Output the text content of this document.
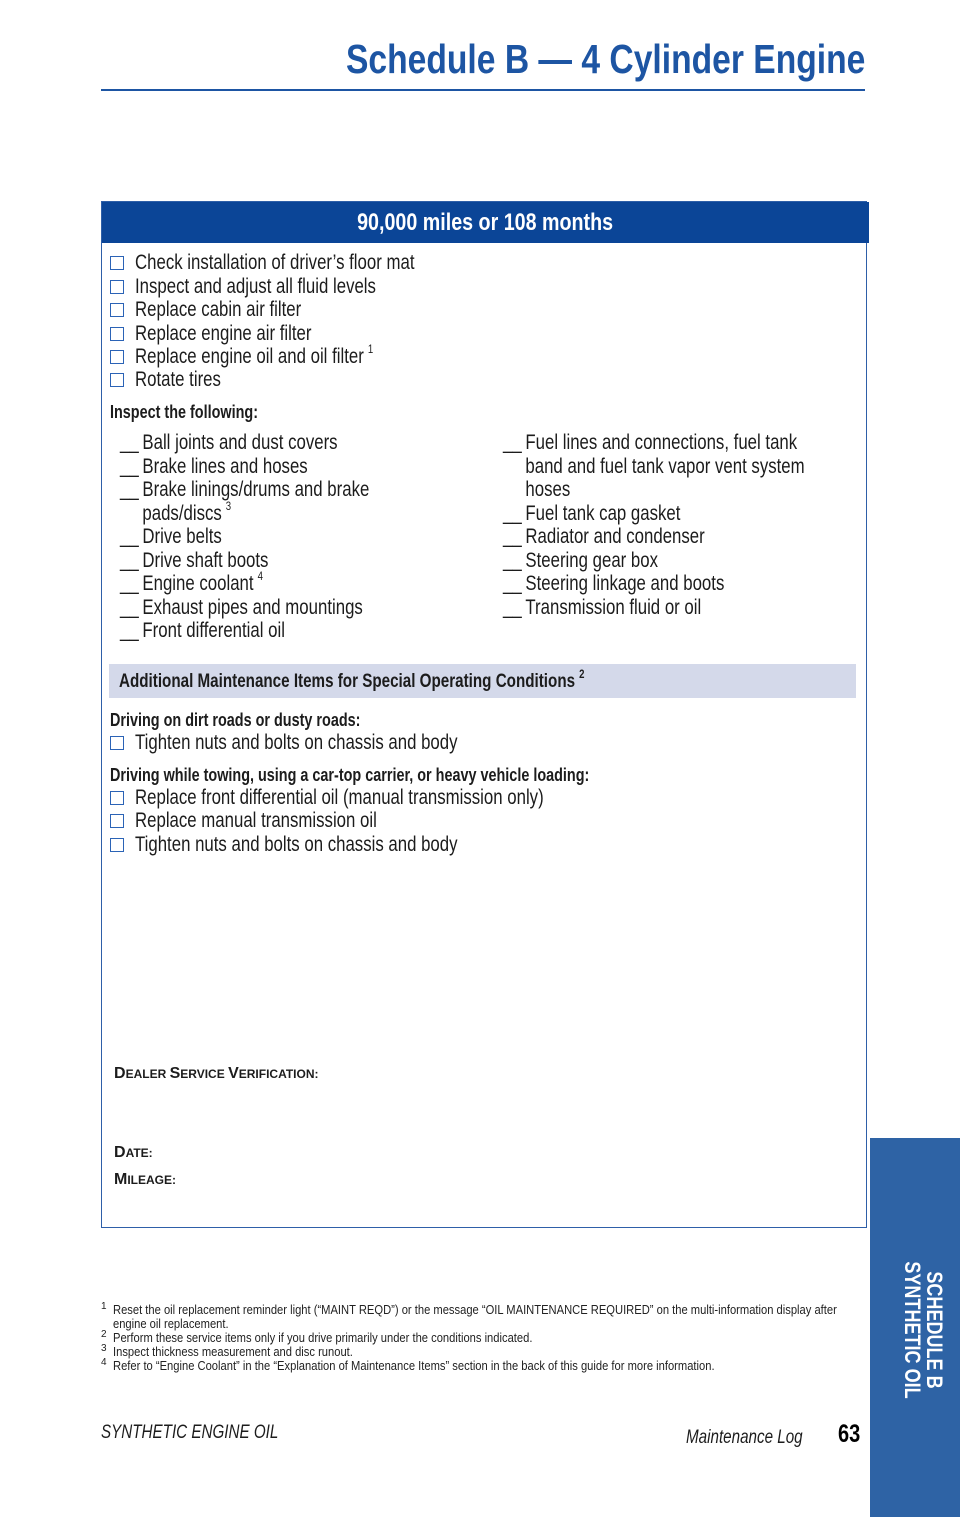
Schedule B — 4 Cylinder Engine
90,000 miles or 108 months
Check installation of driver’s floor mat
Inspect and adjust all fluid levels
Replace cabin air filter
Replace engine air filter
Replace engine oil and oil filter $^1$
Rotate tires
Inspect the following:
__ Ball joints and dust covers
__ Brake lines and hoses
__ Brake linings/drums and brake
pads/discs $^3$
__ Drive belts
__ Drive shaft boots
__ Engine coolant $^4$
__ Exhaust pipes and mountings
__ Front differential oil
__ Fuel lines and connections, fuel tank
band and fuel tank vapor vent system
hoses
__ Fuel tank cap gasket
__ Radiator and condenser
__ Steering gear box
__ Steering linkage and boots
__ Transmission fluid or oil
Additional Maintenance Items for Special Operating Conditions $^2$
Driving on dirt roads or dusty roads:
Tighten nuts and bolts on chassis and body
Driving while towing, using a car-top carrier, or heavy vehicle loading:
Replace front differential oil (manual transmission only)
Replace manual transmission oil
Tighten nuts and bolts on chassis and body
DEALER SERVICE VERIFICATION:
DATE:
MILEAGE:
1 Reset the oil replacement reminder light (“MAINT REQD”) or the message “OIL MAINTENANCE REQUIRED” on the multi-information display after engine oil replacement.
2 Perform these service items only if you drive primarily under the conditions indicated.
3 Inspect thickness measurement and disc runout.
4 Refer to “Engine Coolant” in the “Explanation of Maintenance Items” section in the back of this guide for more information.
SYNTHETIC ENGINE OIL	Maintenance Log 63
SCHEDULE B
SYNTHETIC OIL
